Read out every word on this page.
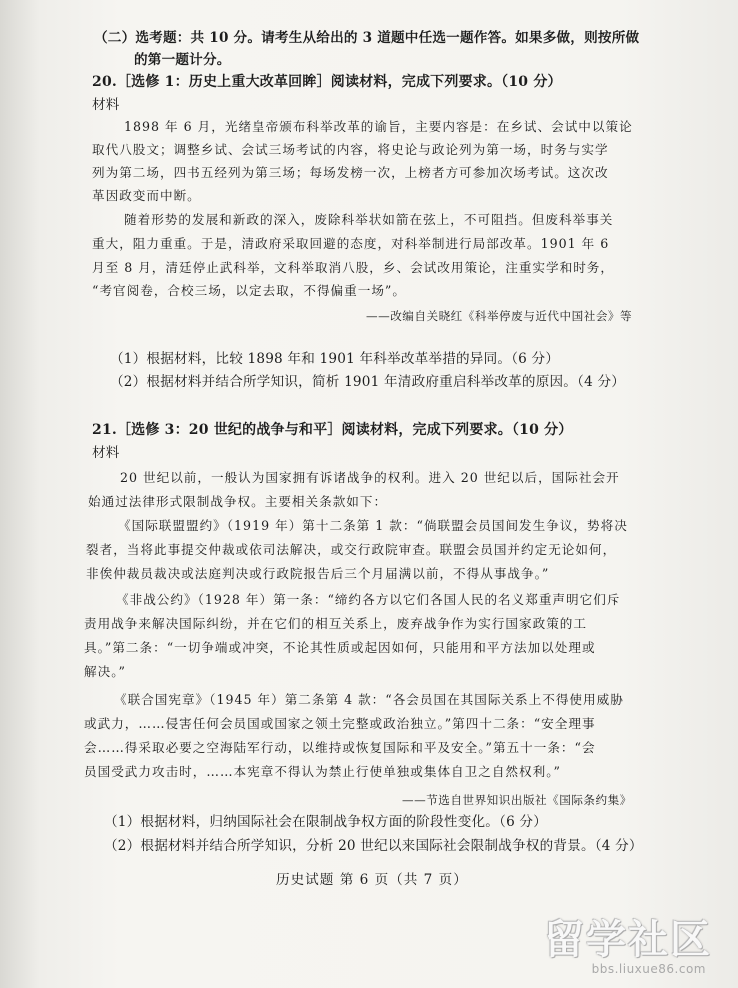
（二）选考题：共 10 分。请考生从给出的 3 道题中任选一题作答。如果多做，则按所做
的第一题计分。
20.［选修 1：历史上重大改革回眸］阅读材料，完成下列要求。（10 分）
材料
1898 年 6 月，光绪皇帝颁布科举改革的谕旨，主要内容是：在乡试、会试中以策论
取代八股文；调整乡试、会试三场考试的内容，将史论与政论列为第一场，时务与实学
列为第二场，四书五经列为第三场；每场发榜一次，上榜者方可参加次场考试。这次改
革因政变而中断。
随着形势的发展和新政的深入，废除科举状如箭在弦上，不可阻挡。但废科举事关
重大，阻力重重。于是，清政府采取回避的态度，对科举制进行局部改革。1901 年 6
月至 8 月，清廷停止武科举，文科举取消八股，乡、会试改用策论，注重实学和时务，
“考官阅卷，合校三场，以定去取，不得偏重一场”。
——改编自关晓红《科举停废与近代中国社会》等
（1）根据材料，比较 1898 年和 1901 年科举改革举措的异同。（6 分）
（2）根据材料并结合所学知识，简析 1901 年清政府重启科举改革的原因。（4 分）
21.［选修 3：20 世纪的战争与和平］阅读材料，完成下列要求。（10 分）
材料
20 世纪以前，一般认为国家拥有诉诸战争的权利。进入 20 世纪以后，国际社会开
始通过法律形式限制战争权。主要相关条款如下：
《国际联盟盟约》（1919 年）第十二条第 1 款：“倘联盟会员国间发生争议，势将决
裂者，当将此事提交仲裁或依司法解决，或交行政院审查。联盟会员国并约定无论如何，
非俟仲裁员裁决或法庭判决或行政院报告后三个月届满以前，不得从事战争。”
《非战公约》（1928 年）第一条：“缔约各方以它们各国人民的名义郑重声明它们斥
责用战争来解决国际纠纷，并在它们的相互关系上，废弃战争作为实行国家政策的工
具。”第二条：“一切争端或冲突，不论其性质或起因如何，只能用和平方法加以处理或
解决。”
《联合国宪章》（1945 年）第二条第 4 款：“各会员国在其国际关系上不得使用威胁
或武力，……侵害任何会员国或国家之领土完整或政治独立。”第四十二条：“安全理事
会……得采取必要之空海陆军行动，以维持或恢复国际和平及安全。”第五十一条：“会
员国受武力攻击时，……本宪章不得认为禁止行使单独或集体自卫之自然权利。”
——节选自世界知识出版社《国际条约集》
（1）根据材料，归纳国际社会在限制战争权方面的阶段性变化。（6 分）
（2）根据材料并结合所学知识，分析 20 世纪以来国际社会限制战争权的背景。（4 分）
历史试题 第 6 页（共 7 页）
留学社区
bbs.liuxue86.com
